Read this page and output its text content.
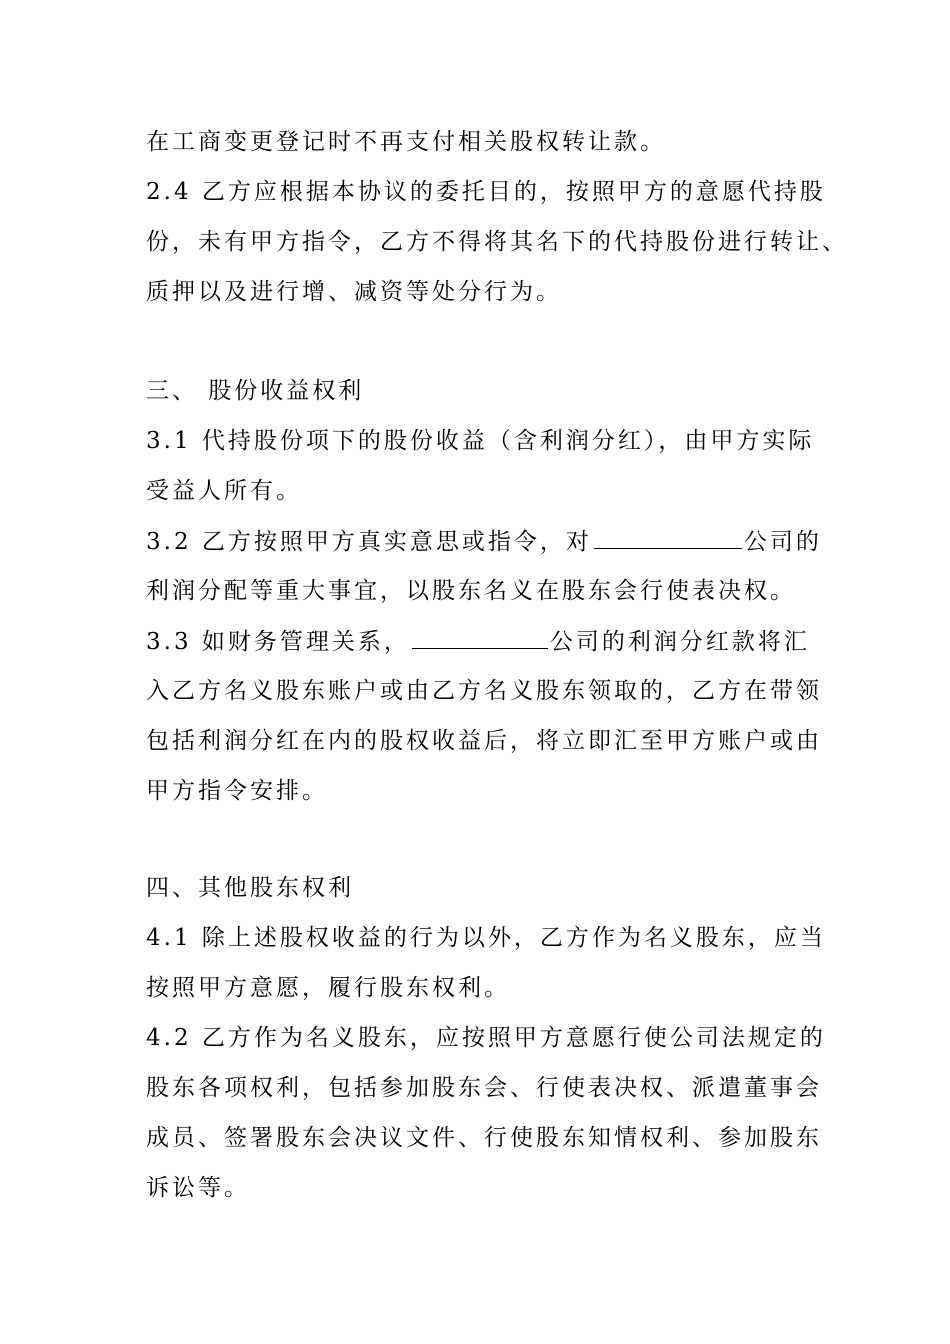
在工商变更登记时不再支付相关股权转让款。
2.4 乙方应根据本协议的委托目的，按照甲方的意愿代持股
份，未有甲方指令，乙方不得将其名下的代持股份进行转让、
质押以及进行增、减资等处分行为。
三、 股份收益权利
3.1 代持股份项下的股份收益（含利润分红），由甲方实际
受益人所有。
3.2 乙方按照甲方真实意思或指令，对	公司的
利润分配等重大事宜，以股东名义在股东会行使表决权。
3.3 如财务管理关系，	公司的利润分红款将汇
入乙方名义股东账户或由乙方名义股东领取的，乙方在带领
包括利润分红在内的股权收益后，将立即汇至甲方账户或由
甲方指令安排。
四、其他股东权利
4.1 除上述股权收益的行为以外，乙方作为名义股东，应当
按照甲方意愿，履行股东权利。
4.2 乙方作为名义股东，应按照甲方意愿行使公司法规定的
股东各项权利，包括参加股东会、行使表决权、派遣董事会
成员、签署股东会决议文件、行使股东知情权利、参加股东
诉讼等。
